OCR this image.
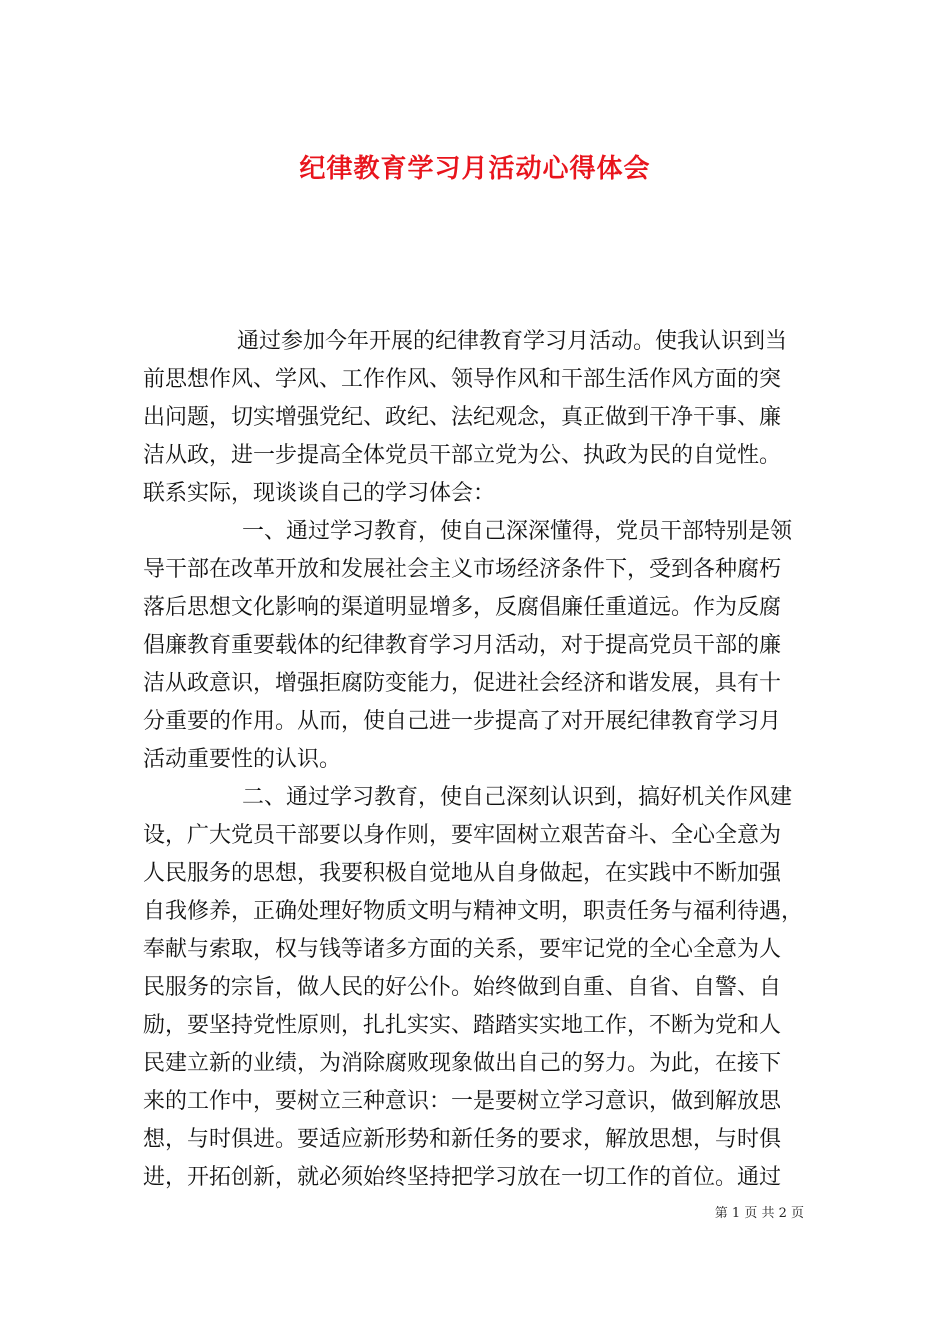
纪律教育学习月活动心得体会

通过参加今年开展的纪律教育学习月活动。使我认识到当
前思想作风、学风、工作作风、领导作风和干部生活作风方面的突
出问题，切实增强党纪、政纪、法纪观念，真正做到干净干事、廉
洁从政，进一步提高全体党员干部立党为公、执政为民的自觉性。
联系实际，现谈谈自己的学习体会：

一、通过学习教育，使自己深深懂得，党员干部特别是领
导干部在改革开放和发展社会主义市场经济条件下，受到各种腐朽
落后思想文化影响的渠道明显增多，反腐倡廉任重道远。作为反腐
倡廉教育重要载体的纪律教育学习月活动，对于提高党员干部的廉
洁从政意识，增强拒腐防变能力，促进社会经济和谐发展，具有十
分重要的作用。从而，使自己进一步提高了对开展纪律教育学习月
活动重要性的认识。

二、通过学习教育，使自己深刻认识到，搞好机关作风建
设，广大党员干部要以身作则，要牢固树立艰苦奋斗、全心全意为
人民服务的思想，我要积极自觉地从自身做起，在实践中不断加强
自我修养，正确处理好物质文明与精神文明，职责任务与福利待遇，
奉献与索取，权与钱等诸多方面的关系，要牢记党的全心全意为人
民服务的宗旨，做人民的好公仆。始终做到自重、自省、自警、自
励，要坚持党性原则，扎扎实实、踏踏实实地工作，不断为党和人
民建立新的业绩，为消除腐败现象做出自己的努力。为此，在接下
来的工作中，要树立三种意识：一是要树立学习意识，做到解放思
想，与时俱进。要适应新形势和新任务的要求，解放思想，与时俱
进，开拓创新，就必须始终坚持把学习放在一切工作的首位。通过

第 1 页 共 2 页
